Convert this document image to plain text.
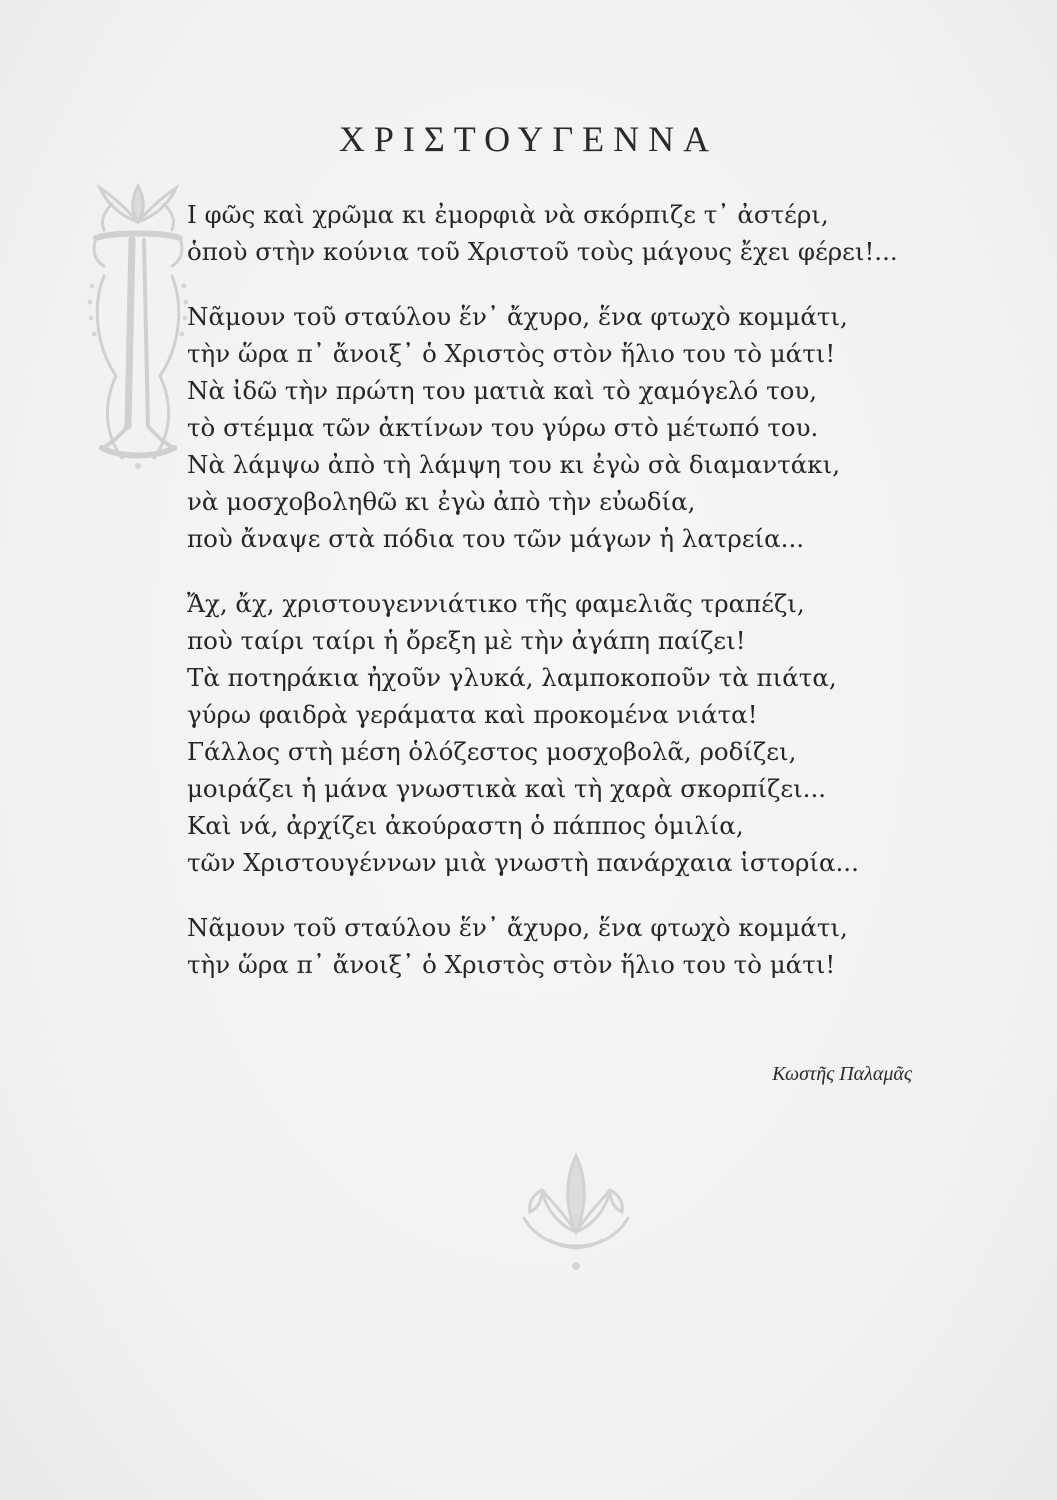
ΧΡΙΣΤΟΥΓΕΝΝΑ
Ι φῶς καὶ χρῶμα κι ἐμορφιὰ νὰ σκόρπιζε τ᾽ ἀστέρι,
ὁποὺ στὴν κούνια τοῦ Χριστοῦ τοὺς μάγους ἔχει φέρει!...
Νᾶμουν τοῦ σταύλου ἕν᾽ ἄχυρο, ἕνα φτωχὸ κομμάτι,
τὴν ὥρα π᾽ ἄνοιξ᾽ ὁ Χριστὸς στὸν ἥλιο του τὸ μάτι!
Νὰ ἰδῶ τὴν πρώτη του ματιὰ καὶ τὸ χαμόγελό του,
τὸ στέμμα τῶν ἀκτίνων του γύρω στὸ μέτωπό του.
Νὰ λάμψω ἀπὸ τὴ λάμψη του κι ἐγὼ σὰ διαμαντάκι,
νὰ μοσχοβοληθῶ κι ἐγὼ ἀπὸ τὴν εὐωδία,
ποὺ ἄναψε στὰ πόδια του τῶν μάγων ἡ λατρεία...
Ἄχ, ἄχ, χριστουγεννιάτικο τῆς φαμελιᾶς τραπέζι,
ποὺ ταίρι ταίρι ἡ ὄρεξη μὲ τὴν ἀγάπη παίζει!
Τὰ ποτηράκια ἠχοῦν γλυκά, λαμποκοποῦν τὰ πιάτα,
γύρω φαιδρὰ γεράματα καὶ προκομένα νιάτα!
Γάλλος στὴ μέση ὁλόζεστος μοσχοβολᾶ, ροδίζει,
μοιράζει ἡ μάνα γνωστικὰ καὶ τὴ χαρὰ σκορπίζει...
Καὶ νά, ἀρχίζει ἀκούραστη ὁ πάππος ὁμιλία,
τῶν Χριστουγέννων μιὰ γνωστὴ πανάρχαια ἱστορία...
Νᾶμουν τοῦ σταύλου ἕν᾽ ἄχυρο, ἕνα φτωχὸ κομμάτι,
τὴν ὥρα π᾽ ἄνοιξ᾽ ὁ Χριστὸς στὸν ἥλιο του τὸ μάτι!
Κωστῆς Παλαμᾶς
